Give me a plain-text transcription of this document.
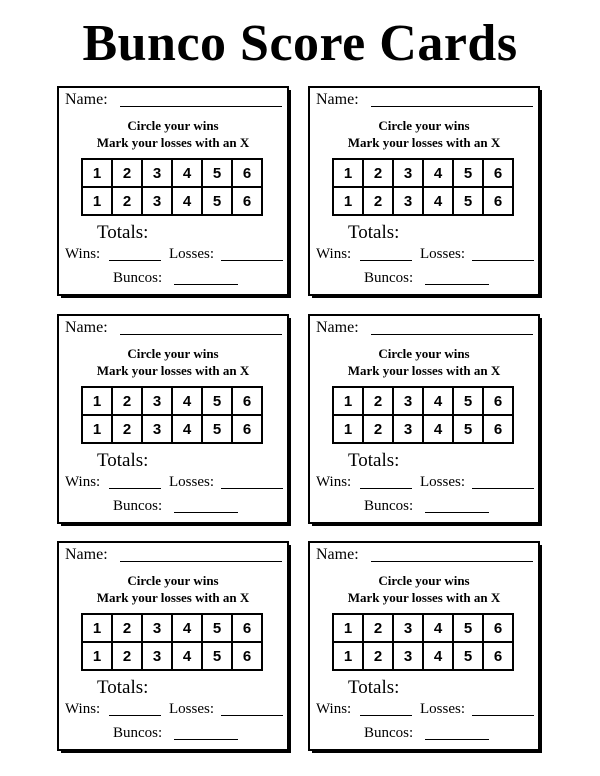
Bunco Score Cards
Name:
Circle your wins
Mark your losses with an X
1	2	3	4	5	6
1	2	3	4	5	6
Totals:
Wins:	Losses:
Buncos:
Name:
Circle your wins
Mark your losses with an X
1	2	3	4	5	6
1	2	3	4	5	6
Totals:
Wins:	Losses:
Buncos:
Name:
Circle your wins
Mark your losses with an X
1	2	3	4	5	6
1	2	3	4	5	6
Totals:
Wins:	Losses:
Buncos:
Name:
Circle your wins
Mark your losses with an X
1	2	3	4	5	6
1	2	3	4	5	6
Totals:
Wins:	Losses:
Buncos:
Name:
Circle your wins
Mark your losses with an X
1	2	3	4	5	6
1	2	3	4	5	6
Totals:
Wins:	Losses:
Buncos:
Name:
Circle your wins
Mark your losses with an X
1	2	3	4	5	6
1	2	3	4	5	6
Totals:
Wins:	Losses:
Buncos:
